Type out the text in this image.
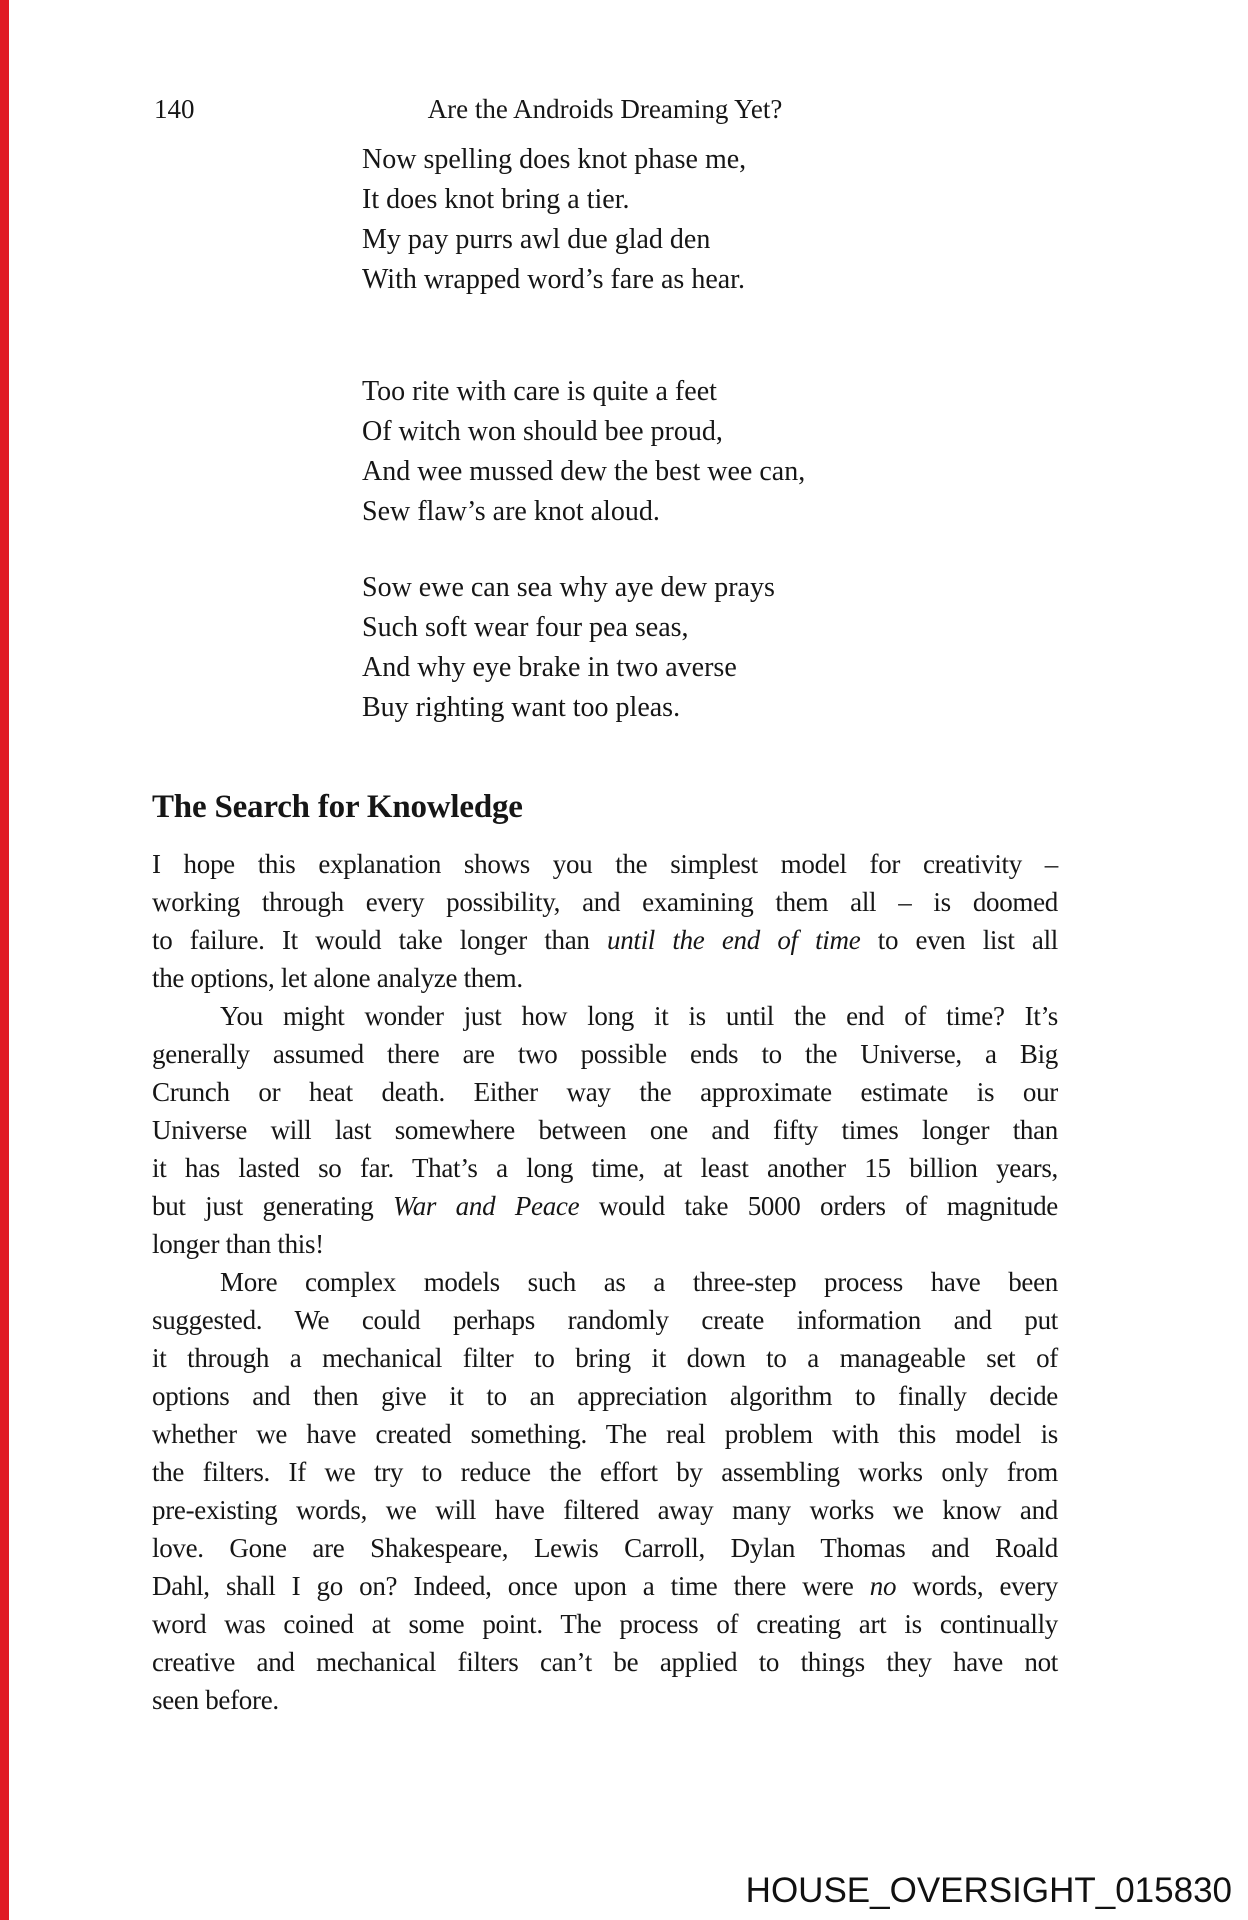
140	Are the Androids Dreaming Yet?
Now spelling does knot phase me,
It does knot bring a tier.
My pay purrs awl due glad den
With wrapped word’s fare as hear.
Too rite with care is quite a feet
Of witch won should bee proud,
And wee mussed dew the best wee can,
Sew flaw’s are knot aloud.
Sow ewe can sea why aye dew prays
Such soft wear four pea seas,
And why eye brake in two averse
Buy righting want too pleas.
The Search for Knowledge
I hope this explanation shows you the simplest model for creativity –
working through every possibility, and examining them all – is doomed
to failure. It would take longer than until the end of time to even list all
the options, let alone analyze them.
You might wonder just how long it is until the end of time? It’s
generally assumed there are two possible ends to the Universe, a Big
Crunch or heat death. Either way the approximate estimate is our
Universe will last somewhere between one and fifty times longer than
it has lasted so far. That’s a long time, at least another 15 billion years,
but just generating War and Peace would take 5000 orders of magnitude
longer than this!
More complex models such as a three-step process have been
suggested. We could perhaps randomly create information and put
it through a mechanical filter to bring it down to a manageable set of
options and then give it to an appreciation algorithm to finally decide
whether we have created something. The real problem with this model is
the filters. If we try to reduce the effort by assembling works only from
pre-existing words, we will have filtered away many works we know and
love. Gone are Shakespeare, Lewis Carroll, Dylan Thomas and Roald
Dahl, shall I go on? Indeed, once upon a time there were no words, every
word was coined at some point. The process of creating art is continually
creative and mechanical filters can’t be applied to things they have not
seen before.
HOUSE_OVERSIGHT_015830
